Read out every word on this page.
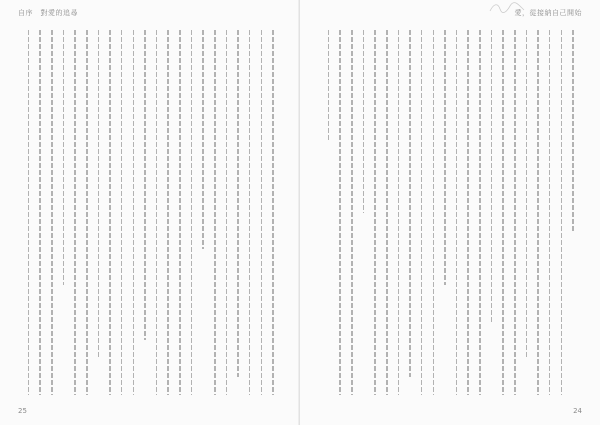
自序　對愛的追尋
25
愛，從接納自己開始
24
